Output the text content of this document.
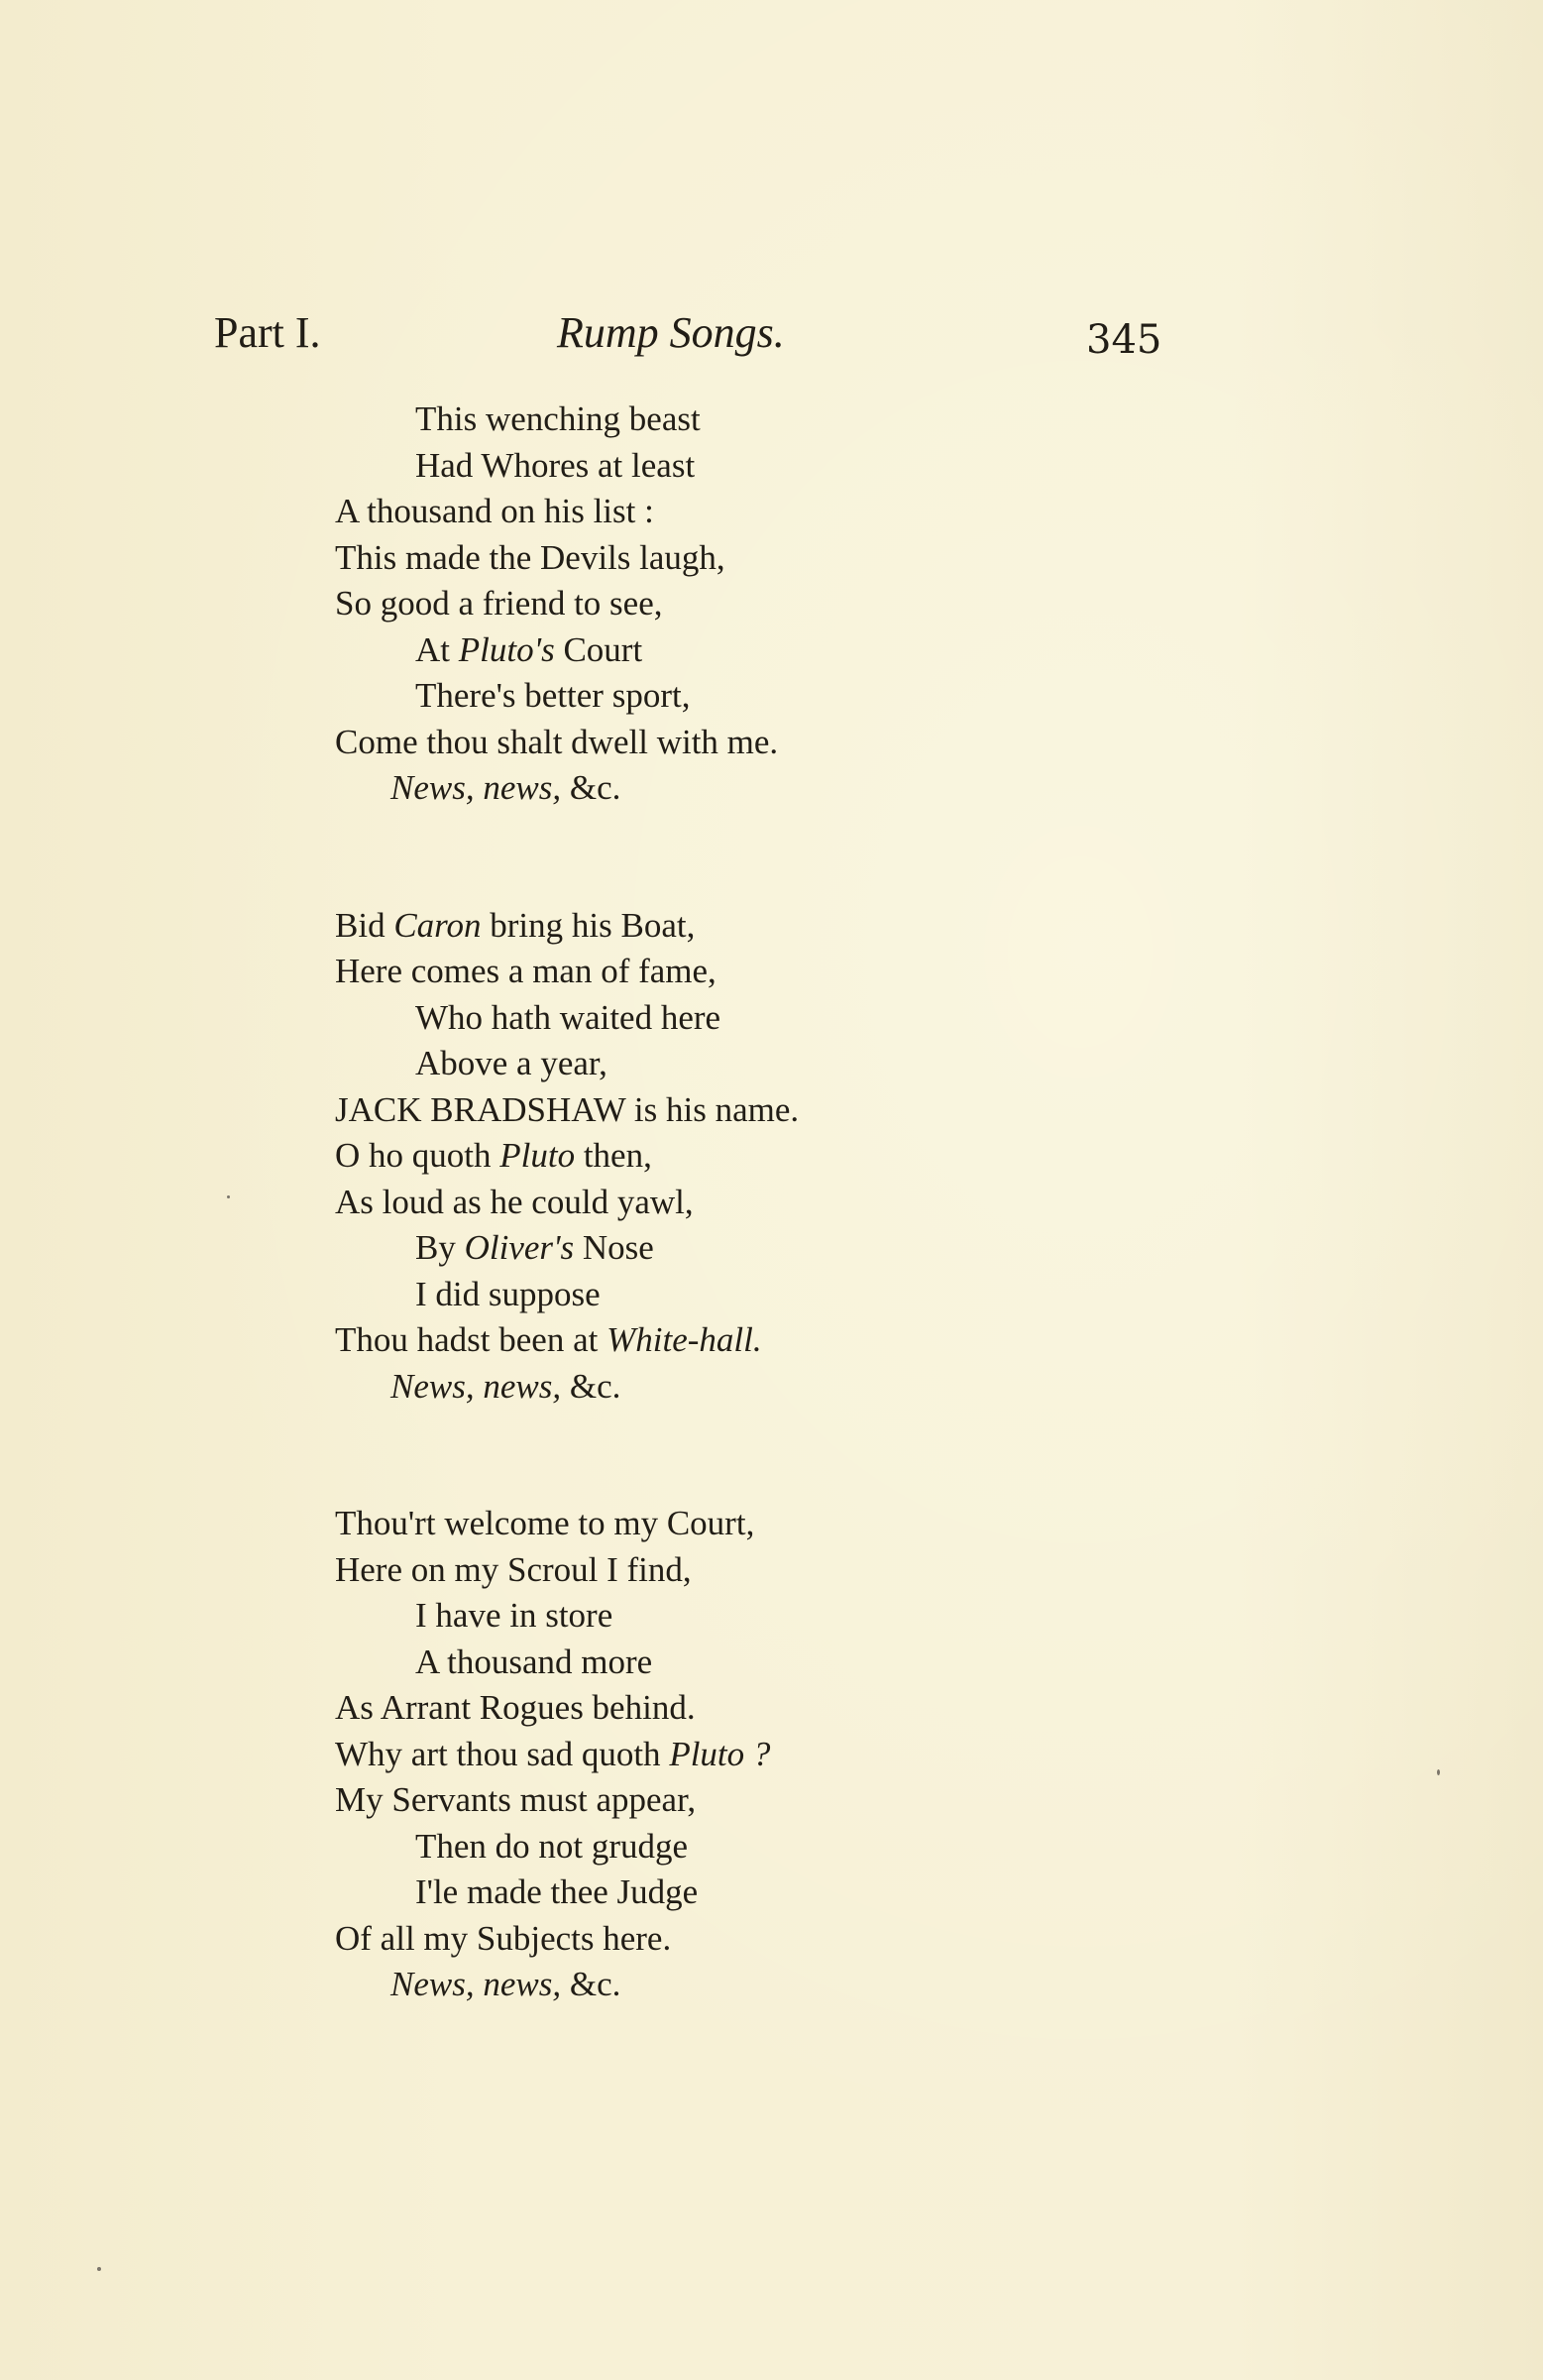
Part I.	Rump Songs.	345
This wenching beast
Had Whores at least
A thousand on his list :
This made the Devils laugh,
So good a friend to see,
At Pluto's Court
There's better sport,
Come thou shalt dwell with me.
News, news, &c.
Bid Caron bring his Boat,
Here comes a man of fame,
Who hath waited here
Above a year,
JACK BRADSHAW is his name.
O ho quoth Pluto then,
As loud as he could yawl,
By Oliver's Nose
I did suppose
Thou hadst been at White-hall.
News, news, &c.
Thou'rt welcome to my Court,
Here on my Scroul I find,
I have in store
A thousand more
As Arrant Rogues behind.
Why art thou sad quoth Pluto ?
My Servants must appear,
Then do not grudge
I'le made thee Judge
Of all my Subjects here.
News, news, &c.
